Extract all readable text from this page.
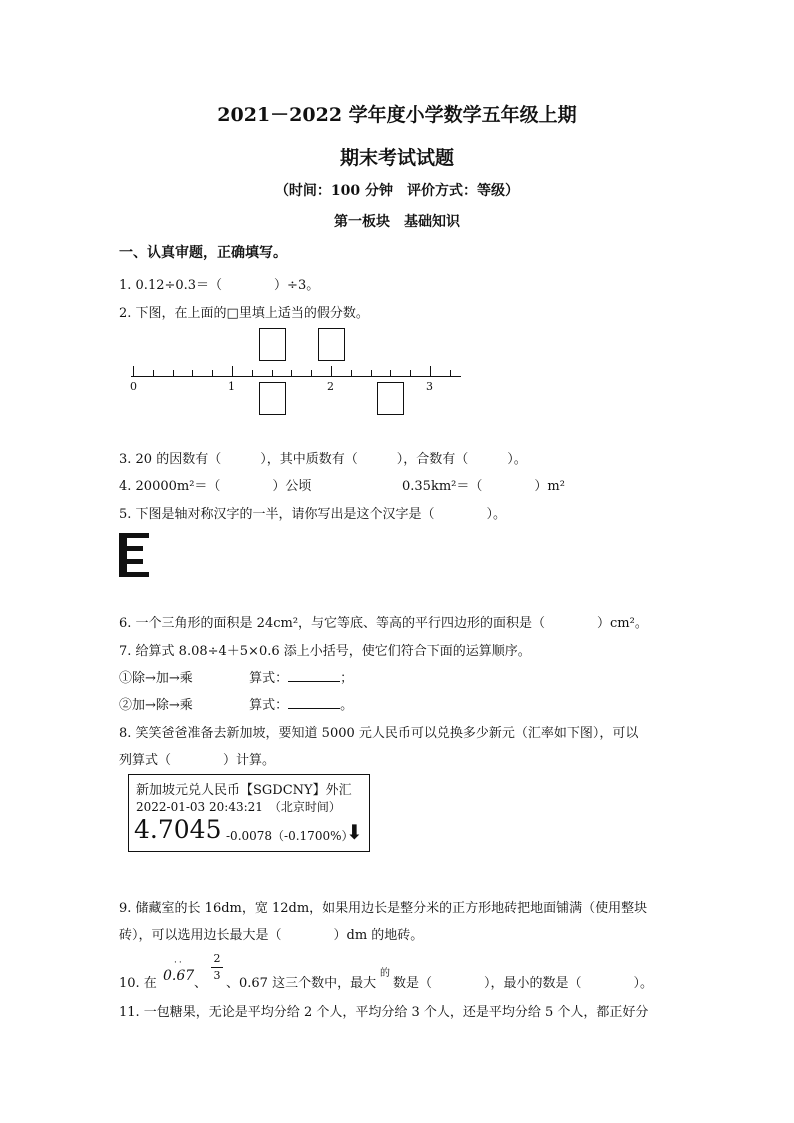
2021－2022 学年度小学数学五年级上期
期末考试试题
（时间：100 分钟　评价方式：等级）
第一板块　基础知识
一、认真审题，正确填写。
1. 0.12÷0.3＝（　　　　）÷3。
2. 下图，在上面的□里填上适当的假分数。
0	1	2	3
3. 20 的因数有（　　　），其中质数有（　　　），合数有（　　　）。
4. 20000m²＝（　　　　）公顷	0.35km²＝（　　　　）m²
5. 下图是轴对称汉字的一半，请你写出是这个汉字是（　　　　）。
6. 一个三角形的面积是 24cm²，与它等底、等高的平行四边形的面积是（　　　　）cm²。
7. 给算式 8.08÷4＋5×0.6 添上小括号，使它们符合下面的运算顺序。
①除→加→乘	算式：	；
②加→除→乘	算式：	。
8. 笑笑爸爸准备去新加坡，要知道 5000 元人民币可以兑换多少新元（汇率如下图），可以
列算式（　　　　）计算。
新加坡元兑人民币【SGDCNY】外汇
2022-01-03 20:43:21　（北京时间）
4.7045 -0.0078（-0.1700%）
⬇
9. 储藏室的长 16dm，宽 12dm，如果用边长是整分米的正方形地砖把地面铺满（使用整块
砖），可以选用边长最大是（　　　　）dm 的地砖。
··
10. 在 0.67 、
2
3
、0.67 这三个数中，最大
的
数是（　　　　），最小的数是（　　　　）。
11. 一包糖果，无论是平均分给 2 个人，平均分给 3 个人，还是平均分给 5 个人，都正好分
